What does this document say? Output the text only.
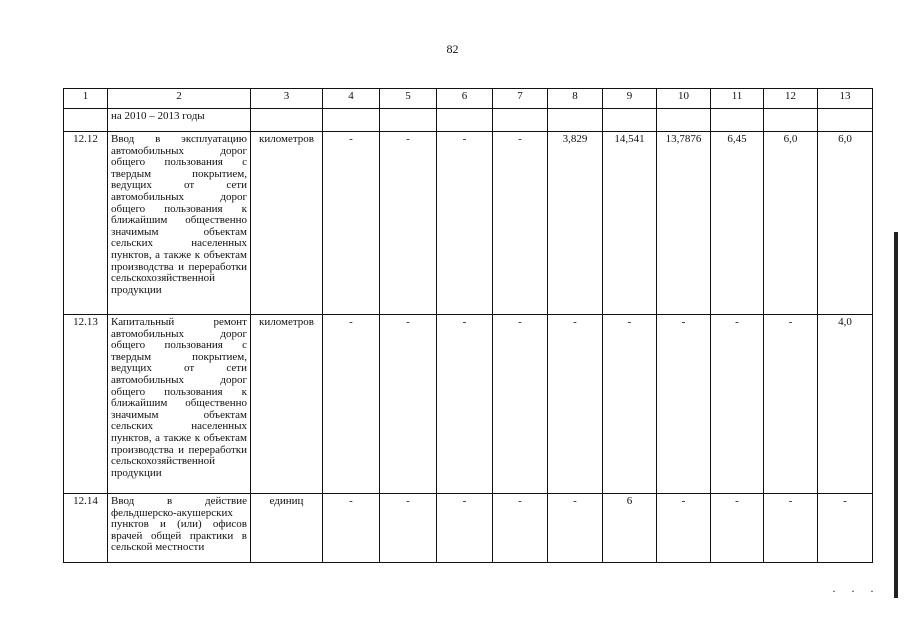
82
1	2	3	4	5	6	7	8	9	10	11	12	13
	на 2010 – 2013 годы											
12.12	Ввод в эксплуатацию автомобильных дорог общего пользования с твердым покрытием, ведущих от сети автомобильных дорог общего пользования к ближайшим общественно значимым объектам сельских населенных пунктов, а также к объектам производства и переработки сельскохозяйственной продукции	километров	-	-	-	-	3,829	14,541	13,7876	6,45	6,0	6,0
12.13	Капитальный ремонт автомобильных дорог общего пользования с твердым покрытием, ведущих от сети автомобильных дорог общего пользования к ближайшим общественно значимым объектам сельских населенных пунктов, а также к объектам производства и переработки сельскохозяйственной продукции	километров	-	-	-	-	-	-	-	-	-	4,0
12.14	Ввод в действие фельдшерско-акушерских пунктов и (или) офисов врачей общей практики в сельской местности	единиц	-	-	-	-	-	6	-	-	-	-
· · ·
